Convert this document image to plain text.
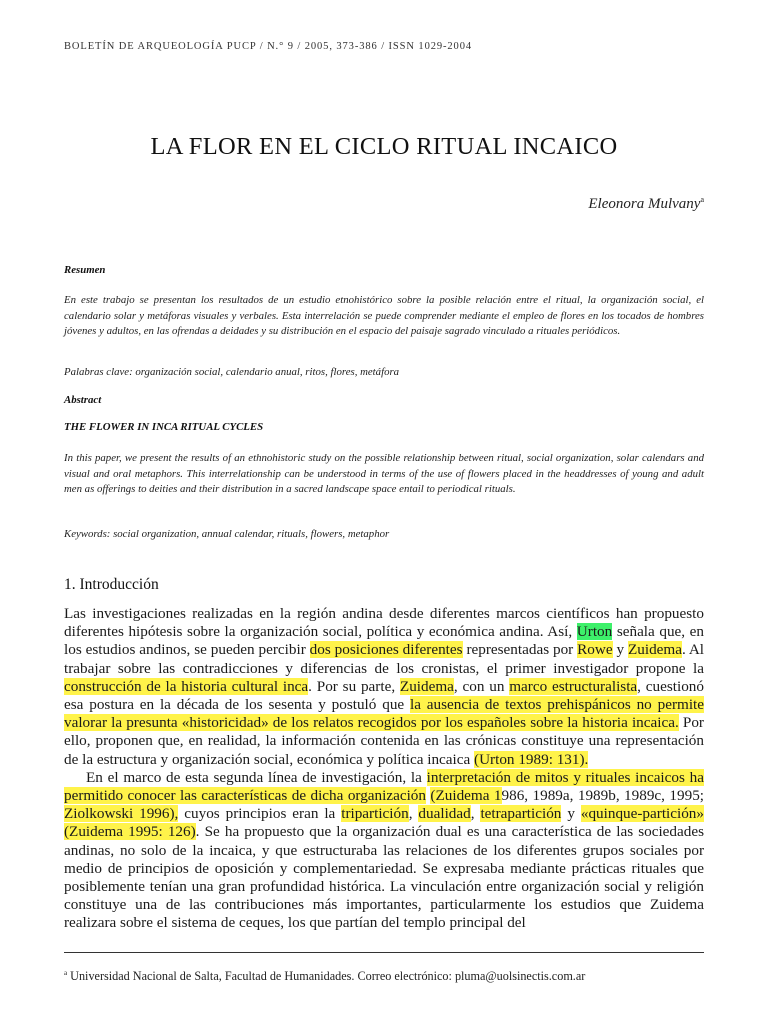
BOLETÍN DE ARQUEOLOGÍA PUCP / N.° 9 / 2005, 373-386 / ISSN 1029-2004
LA FLOR EN EL CICLO RITUAL INCAICO
Eleonora Mulvany$^a$
Resumen
En este trabajo se presentan los resultados de un estudio etnohistórico sobre la posible relación entre el ritual, la organización social, el calendario solar y metáforas visuales y verbales. Esta interrelación se puede comprender mediante el empleo de flores en los tocados de hombres jóvenes y adultos, en las ofrendas a deidades y su distribución en el espacio del paisaje sagrado vinculado a rituales periódicos.
Palabras clave: organización social, calendario anual, ritos, flores, metáfora
Abstract
THE FLOWER IN INCA RITUAL CYCLES
In this paper, we present the results of an ethnohistoric study on the possible relationship between ritual, social organization, solar calendars and visual and oral metaphors. This interrelationship can be understood in terms of the use of flowers placed in the headdresses of young and adult men as offerings to deities and their distribution in a sacred landscape space entail to periodical rituals.
Keywords: social organization, annual calendar, rituals, flowers, metaphor
1. Introducción

Las investigaciones realizadas en la región andina desde diferentes marcos científicos han propuesto diferentes hipótesis sobre la organización social, política y económica andina. Así, Urton señala que, en los estudios andinos, se pueden percibir dos posiciones diferentes representadas por Rowe y Zuidema. Al trabajar sobre las contradicciones y diferencias de los cronistas, el primer investigador propone la construcción de la historia cultural inca. Por su parte, Zuidema, con un marco estructuralista, cuestionó esa postura en la década de los sesenta y postuló que la ausencia de textos prehispánicos no permite valorar la presunta «historicidad» de los relatos recogidos por los españoles sobre la historia incaica. Por ello, proponen que, en realidad, la información contenida en las crónicas constituye una representación de la estructura y organización social, económica y política incaica (Urton 1989: 131).

En el marco de esta segunda línea de investigación, la interpretación de mitos y rituales incaicos ha permitido conocer las características de dicha organización (Zuidema 1986, 1989a, 1989b, 1989c, 1995; Ziolkowski 1996), cuyos principios eran la tripartición, dualidad, tetrapartición y «quinque-partición» (Zuidema 1995: 126). Se ha propuesto que la organización dual es una característica de las sociedades andinas, no solo de la incaica, y que estructuraba las relaciones de los diferentes grupos sociales por medio de principios de oposición y complementariedad. Se expresaba mediante prácticas rituales que posiblemente tenían una gran profundidad histórica. La vinculación entre organización social y religión constituye una de las contribuciones más importantes, particularmente los estudios que Zuidema realizara sobre el sistema de ceques, los que partían del templo principal del

$^a$ Universidad Nacional de Salta, Facultad de Humanidades. Correo electrónico: pluma@uolsinectis.com.ar
